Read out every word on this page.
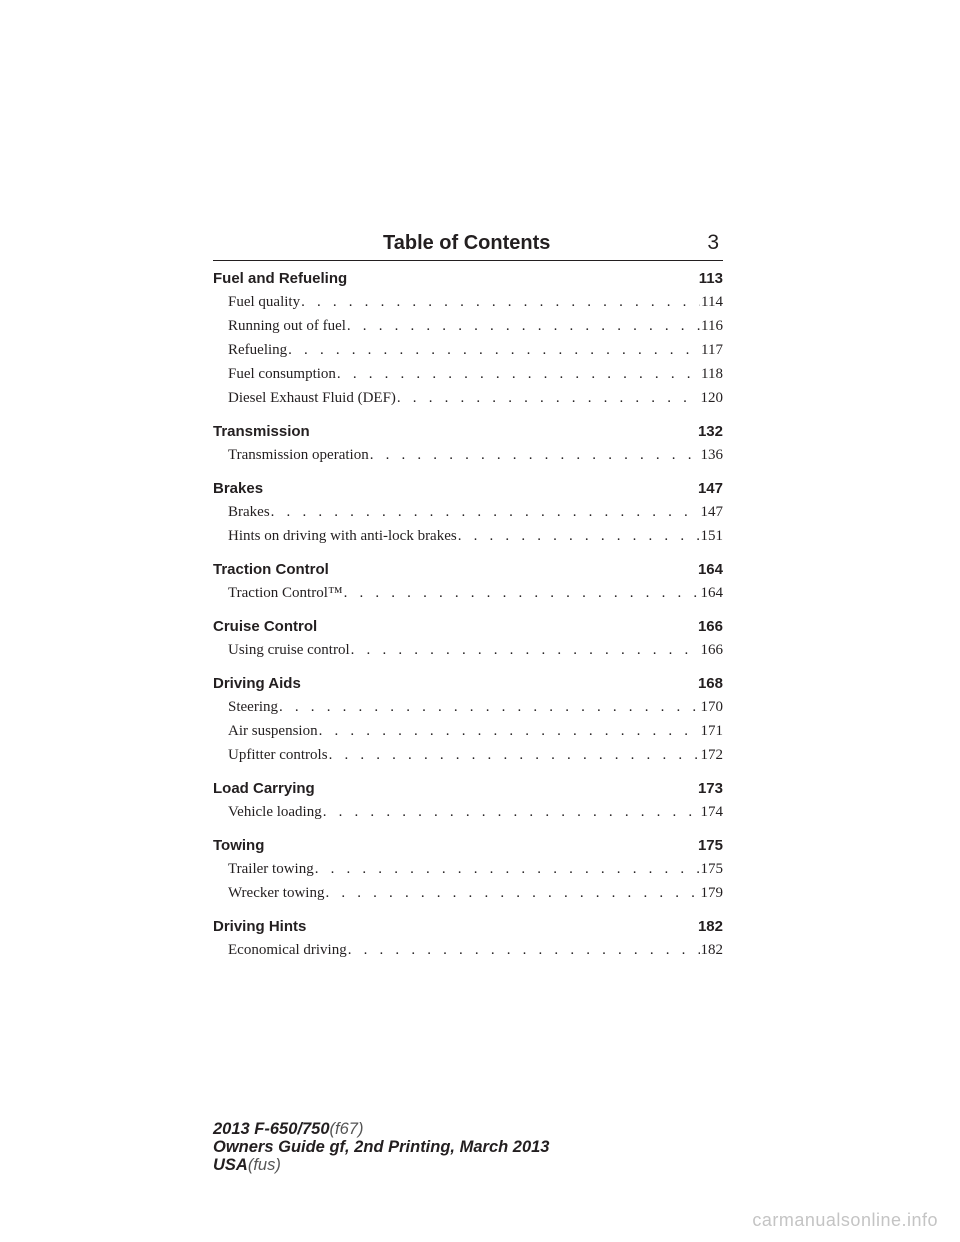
Table of Contents	3
Fuel and Refueling	113
Fuel quality . . .	114
Running out of fuel . . .	116
Refueling . . .	117
Fuel consumption . . .	118
Diesel Exhaust Fluid (DEF) . . .	120
Transmission	132
Transmission operation . . .	136
Brakes	147
Brakes . . .	147
Hints on driving with anti-lock brakes . . .	151
Traction Control	164
Traction Control™ . . .	164
Cruise Control	166
Using cruise control . . .	166
Driving Aids	168
Steering . . .	170
Air suspension . . .	171
Upfitter controls . . .	172
Load Carrying	173
Vehicle loading . . .	174
Towing	175
Trailer towing . . .	175
Wrecker towing . . .	179
Driving Hints	182
Economical driving . . .	182
2013 F-650/750(f67)
Owners Guide gf, 2nd Printing, March 2013
USA(fus)
carmanualsonline.info
